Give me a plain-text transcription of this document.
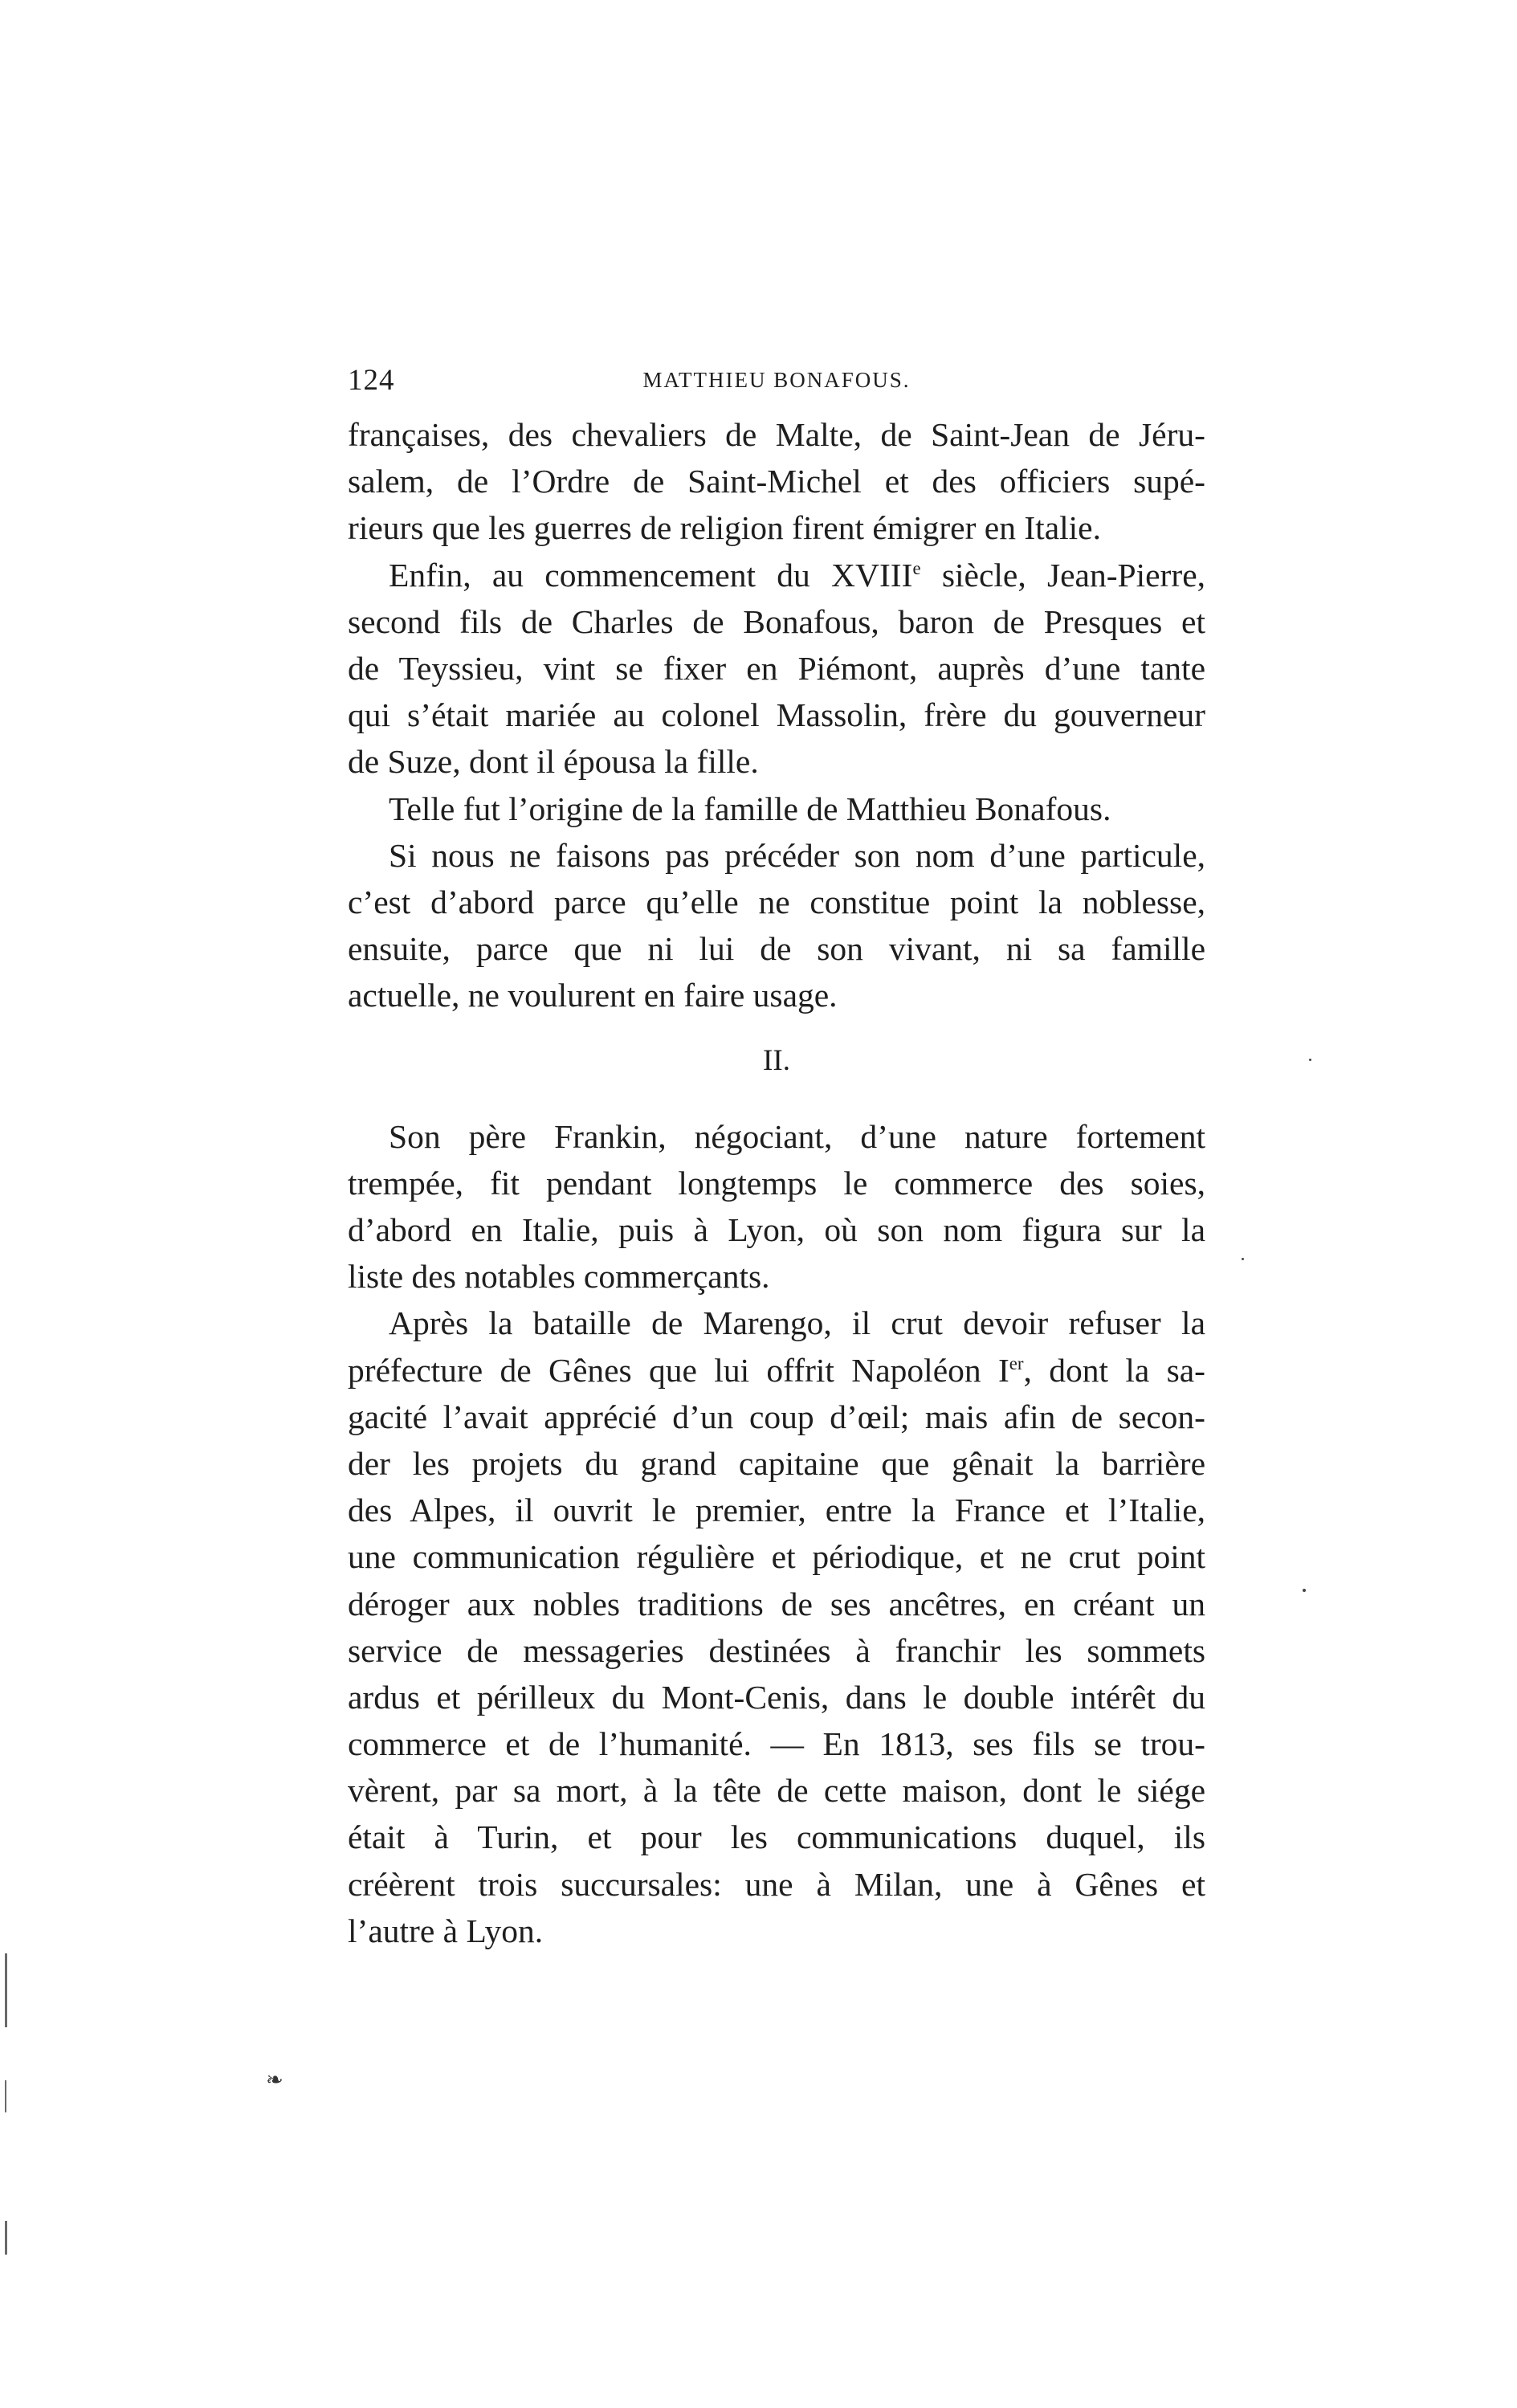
124	MATTHIEU BONAFOUS.
françaises, des chevaliers de Malte, de Saint-Jean de Jéru-
salem, de l’Ordre de Saint-Michel et des officiers supé-
rieurs que les guerres de religion firent émigrer en Italie.
Enfin, au commencement du XVIIIe siècle, Jean-Pierre,
second fils de Charles de Bonafous, baron de Presques et
de Teyssieu, vint se fixer en Piémont, auprès d’une tante
qui s’était mariée au colonel Massolin, frère du gouverneur
de Suze, dont il épousa la fille.
Telle fut l’origine de la famille de Matthieu Bonafous.
Si nous ne faisons pas précéder son nom d’une particule,
c’est d’abord parce qu’elle ne constitue point la noblesse,
ensuite, parce que ni lui de son vivant, ni sa famille
actuelle, ne voulurent en faire usage.
II.
Son père Frankin, négociant, d’une nature fortement
trempée, fit pendant longtemps le commerce des soies,
d’abord en Italie, puis à Lyon, où son nom figura sur la
liste des notables commerçants.
Après la bataille de Marengo, il crut devoir refuser la
préfecture de Gênes que lui offrit Napoléon Ier, dont la sa-
gacité l’avait apprécié d’un coup d’œil; mais afin de secon-
der les projets du grand capitaine que gênait la barrière
des Alpes, il ouvrit le premier, entre la France et l’Italie,
une communication régulière et périodique, et ne crut point
déroger aux nobles traditions de ses ancêtres, en créant un
service de messageries destinées à franchir les sommets
ardus et périlleux du Mont-Cenis, dans le double intérêt du
commerce et de l’humanité. — En 1813, ses fils se trou-
vèrent, par sa mort, à la tête de cette maison, dont le siége
était à Turin, et pour les communications duquel, ils
créèrent trois succursales: une à Milan, une à Gênes et
l’autre à Lyon.
❧
